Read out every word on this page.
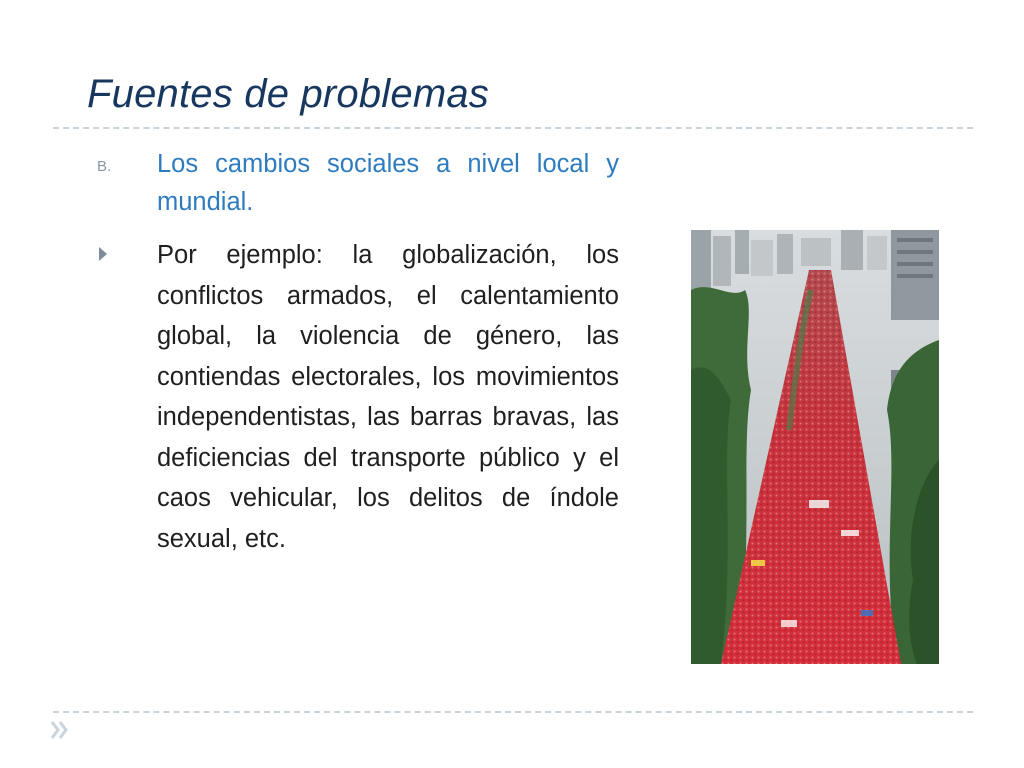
Fuentes de problemas
B. Los cambios sociales a nivel local y mundial.
Por ejemplo: la globalización, los conflictos armados, el calentamiento global, la violencia de género, las contiendas electorales, los movimientos independentistas, las barras bravas, las deficiencias del transporte público y el caos vehicular, los delitos de índole sexual, etc.
